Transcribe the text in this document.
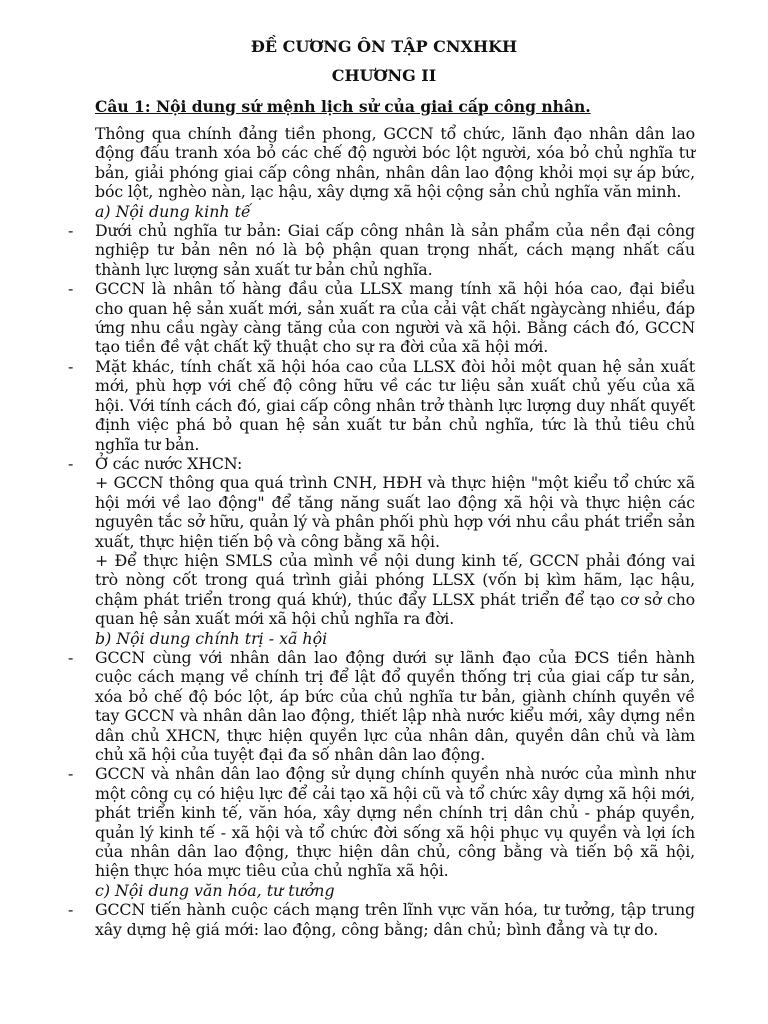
ĐỀ CƯƠNG ÔN TẬP CNXHKH
CHƯƠNG II
Câu 1: Nội dung sứ mệnh lịch sử của giai cấp công nhân.

Thông qua chính đảng tiền phong, GCCN tổ chức, lãnh đạo nhân dân lao động đấu tranh xóa bỏ các chế độ người bóc lột người, xóa bỏ chủ nghĩa tư bản, giải phóng giai cấp công nhân, nhân dân lao động khỏi mọi sự áp bức, bóc lột, nghèo nàn, lạc hậu, xây dựng xã hội cộng sản chủ nghĩa văn minh.

a) Nội dung kinh tế
- Dưới chủ nghĩa tư bản: Giai cấp công nhân là sản phẩm của nền đại công nghiệp tư bản nên nó là bộ phận quan trọng nhất, cách mạng nhất cấu thành lực lượng sản xuất tư bản chủ nghĩa.
- GCCN là nhân tố hàng đầu của LLSX mang tính xã hội hóa cao, đại biểu cho quan hệ sản xuất mới, sản xuất ra của cải vật chất ngàycàng nhiều, đáp ứng nhu cầu ngày càng tăng của con người và xã hội. Bằng cách đó, GCCN tạo tiền đề vật chất kỹ thuật cho sự ra đời của xã hội mới.
- Mặt khác, tính chất xã hội hóa cao của LLSX đòi hỏi một quan hệ sản xuất mới, phù hợp với chế độ công hữu về các tư liệu sản xuất chủ yếu của xã hội. Với tính cách đó, giai cấp công nhân trở thành lực lượng duy nhất quyết định việc phá bỏ quan hệ sản xuất tư bản chủ nghĩa, tức là thủ tiêu chủ nghĩa tư bản.
- Ở các nước XHCN:
+ GCCN thông qua quá trình CNH, HĐH và thực hiện "một kiểu tổ chức xã hội mới về lao động" để tăng năng suất lao động xã hội và thực hiện các nguyên tắc sở hữu, quản lý và phân phối phù hợp với nhu cầu phát triển sản xuất, thực hiện tiến bộ và công bằng xã hội.
+ Để thực hiện SMLS của mình về nội dung kinh tế, GCCN phải đóng vai trò nòng cốt trong quá trình giải phóng LLSX (vốn bị kìm hãm, lạc hậu, chậm phát triển trong quá khứ), thúc đẩy LLSX phát triển để tạo cơ sở cho quan hệ sản xuất mới xã hội chủ nghĩa ra đời.
b) Nội dung chính trị - xã hội
- GCCN cùng với nhân dân lao động dưới sự lãnh đạo của ĐCS tiền hành cuộc cách mạng về chính trị để lật đổ quyền thống trị của giai cấp tư sản, xóa bỏ chế độ bóc lột, áp bức của chủ nghĩa tư bản, giành chính quyền về tay GCCN và nhân dân lao động, thiết lập nhà nước kiểu mới, xây dựng nền dân chủ XHCN, thực hiện quyền lực của nhân dân, quyền dân chủ và làm chủ xã hội của tuyệt đại đa số nhân dân lao động.
- GCCN và nhân dân lao động sử dụng chính quyền nhà nước của mình như một công cụ có hiệu lực để cải tạo xã hội cũ và tổ chức xây dựng xã hội mới, phát triển kinh tế, văn hóa, xây dựng nền chính trị dân chủ - pháp quyền, quản lý kinh tế - xã hội và tổ chức đời sống xã hội phục vụ quyền và lợi ích của nhân dân lao động, thực hiện dân chủ, công bằng và tiến bộ xã hội, hiện thực hóa mực tiêu của chủ nghĩa xã hội.
c) Nội dung văn hóa, tư tưởng
- GCCN tiến hành cuộc cách mạng trên lĩnh vực văn hóa, tư tưởng, tập trung xây dựng hệ giá mới: lao động, công bằng; dân chủ; bình đẳng và tự do.
